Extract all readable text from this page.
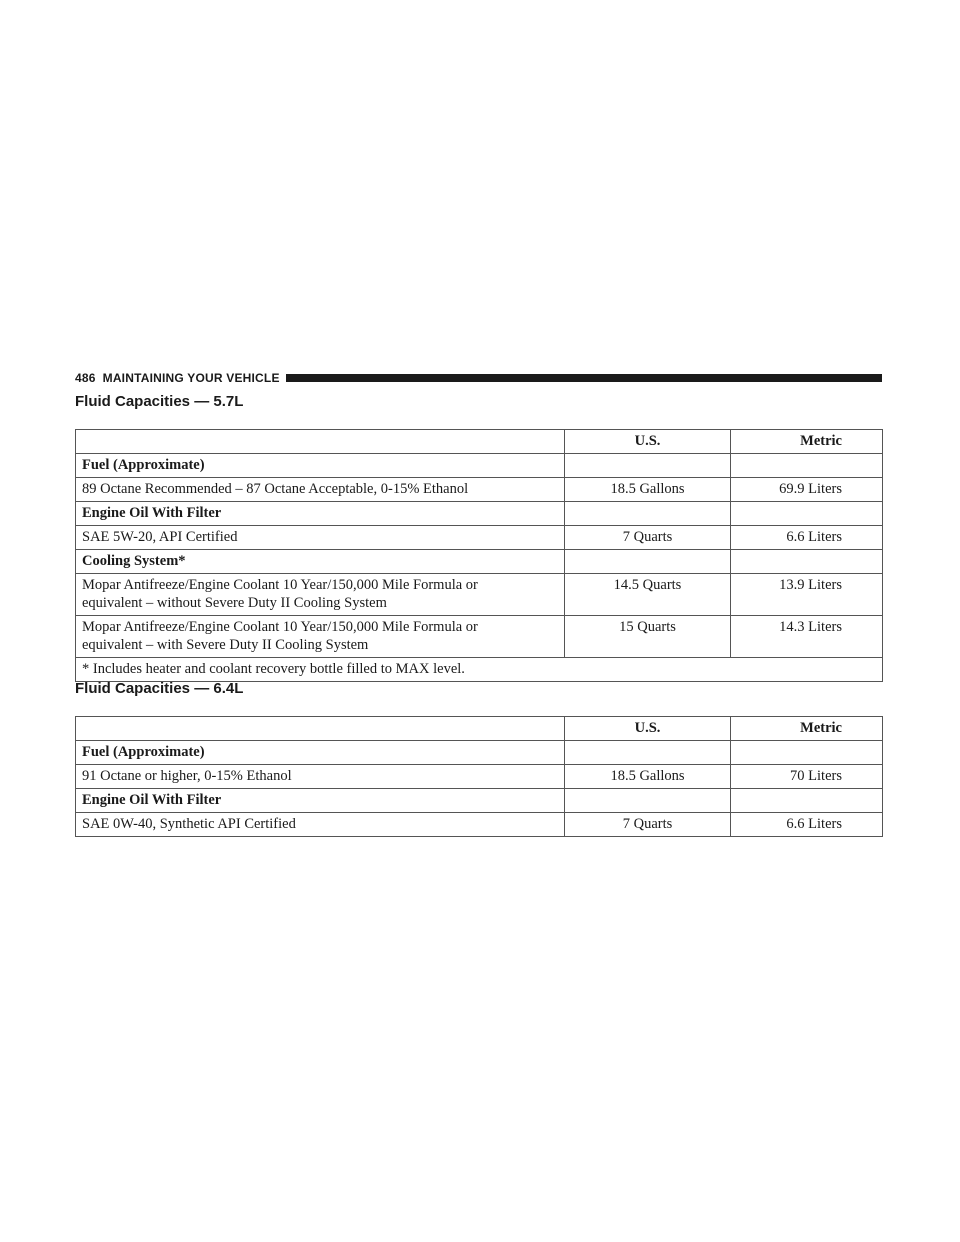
486 MAINTAINING YOUR VEHICLE
Fluid Capacities — 5.7L
	U.S.	Metric
Fuel (Approximate)		
89 Octane Recommended – 87 Octane Acceptable, 0-15% Ethanol	18.5 Gallons	69.9 Liters
Engine Oil With Filter		
SAE 5W-20, API Certified	7 Quarts	6.6 Liters
Cooling System*		

Mopar Antifreeze/Engine Coolant 10 Year/150,000 Mile Formula or
equivalent – without Severe Duty II Cooling System	14.5 Quarts	13.9 Liters

Mopar Antifreeze/Engine Coolant 10 Year/150,000 Mile Formula or
equivalent – with Severe Duty II Cooling System	15 Quarts	14.3 Liters
* Includes heater and coolant recovery bottle filled to MAX level.		
Fluid Capacities — 6.4L
	U.S.	Metric
Fuel (Approximate)		
91 Octane or higher, 0-15% Ethanol	18.5 Gallons	70 Liters
Engine Oil With Filter		
SAE 0W-40, Synthetic API Certified	7 Quarts	6.6 Liters
